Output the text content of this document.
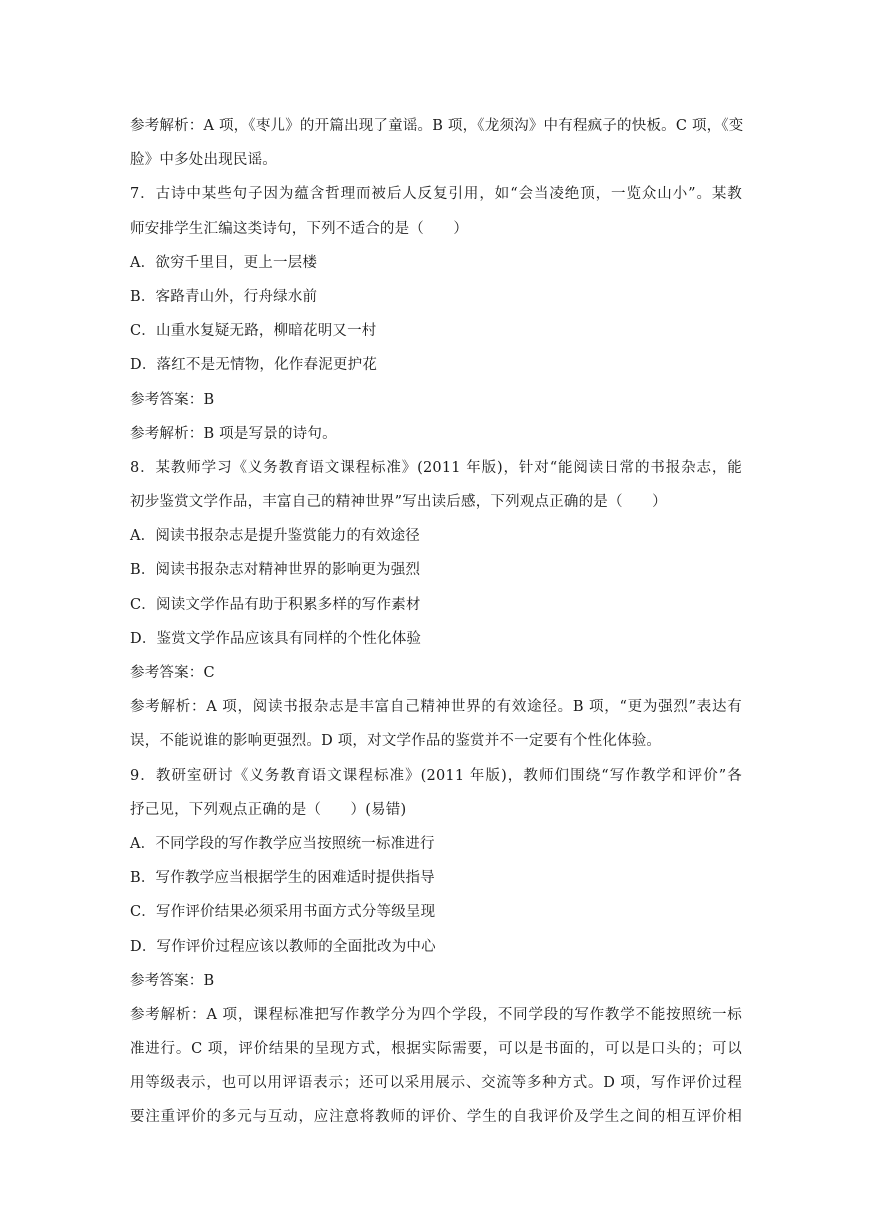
参考解析：A 项，《枣儿》的开篇出现了童谣。B 项，《龙须沟》中有程疯子的快板。C 项，《变
脸》中多处出现民谣。
7．古诗中某些句子因为蕴含哲理而被后人反复引用，如“会当凌绝顶，一览众山小”。某教
师安排学生汇编这类诗句，下列不适合的是（　　）
A．欲穷千里目，更上一层楼
B．客路青山外，行舟绿水前
C．山重水复疑无路，柳暗花明又一村
D．落红不是无情物，化作春泥更护花
参考答案：B
参考解析：B 项是写景的诗句。
8．某教师学习《义务教育语文课程标准》(2011 年版)，针对“能阅读日常的书报杂志，能
初步鉴赏文学作品，丰富自己的精神世界”写出读后感，下列观点正确的是（　　）
A．阅读书报杂志是提升鉴赏能力的有效途径
B．阅读书报杂志对精神世界的影响更为强烈
C．阅读文学作品有助于积累多样的写作素材
D．鉴赏文学作品应该具有同样的个性化体验
参考答案：C
参考解析：A 项，阅读书报杂志是丰富自己精神世界的有效途径。B 项，“更为强烈”表达有
误，不能说谁的影响更强烈。D 项，对文学作品的鉴赏并不一定要有个性化体验。
9．教研室研讨《义务教育语文课程标准》(2011 年版)，教师们围绕“写作教学和评价”各
抒己见，下列观点正确的是（　　）(易错)
A．不同学段的写作教学应当按照统一标准进行
B．写作教学应当根据学生的困难适时提供指导
C．写作评价结果必须采用书面方式分等级呈现
D．写作评价过程应该以教师的全面批改为中心
参考答案：B
参考解析：A 项，课程标准把写作教学分为四个学段，不同学段的写作教学不能按照统一标
准进行。C 项，评价结果的呈现方式，根据实际需要，可以是书面的，可以是口头的；可以
用等级表示，也可以用评语表示；还可以采用展示、交流等多种方式。D 项，写作评价过程
要注重评价的多元与互动，应注意将教师的评价、学生的自我评价及学生之间的相互评价相
